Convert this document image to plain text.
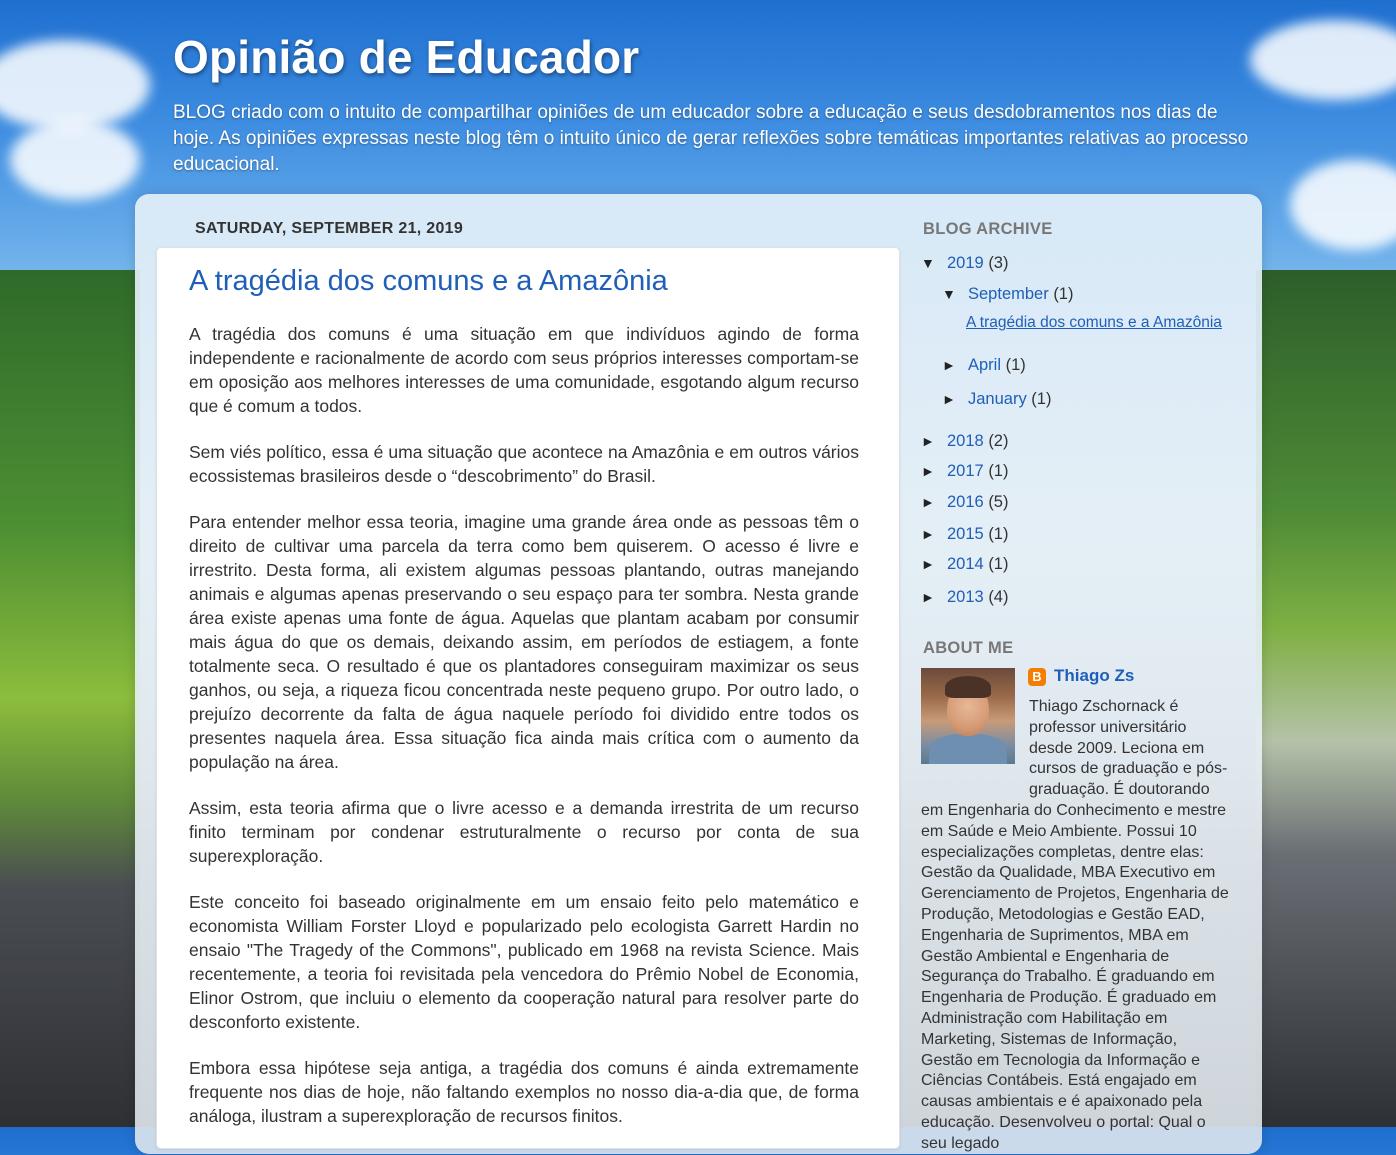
Opinião de Educador

BLOG criado com o intuito de compartilhar opiniões de um educador sobre a educação e seus desdobramentos nos dias de hoje. As opiniões expressas neste blog têm o intuito único de gerar reflexões sobre temáticas importantes relativas ao processo educacional.

SATURDAY, SEPTEMBER 21, 2019
A tragédia dos comuns e a Amazônia

A tragédia dos comuns é uma situação em que indivíduos agindo de forma independente e racionalmente de acordo com seus próprios interesses comportam-se em oposição aos melhores interesses de uma comunidade, esgotando algum recurso que é comum a todos.

Sem viés político, essa é uma situação que acontece na Amazônia e em outros vários ecossistemas brasileiros desde o “descobrimento” do Brasil.

Para entender melhor essa teoria, imagine uma grande área onde as pessoas têm o direito de cultivar uma parcela da terra como bem quiserem. O acesso é livre e irrestrito. Desta forma, ali existem algumas pessoas plantando, outras manejando animais e algumas apenas preservando o seu espaço para ter sombra. Nesta grande área existe apenas uma fonte de água. Aquelas que plantam acabam por consumir mais água do que os demais, deixando assim, em períodos de estiagem, a fonte totalmente seca. O resultado é que os plantadores conseguiram maximizar os seus ganhos, ou seja, a riqueza ficou concentrada neste pequeno grupo. Por outro lado, o prejuízo decorrente da falta de água naquele período foi dividido entre todos os presentes naquela área. Essa situação fica ainda mais crítica com o aumento da população na área.

Assim, esta teoria afirma que o livre acesso e a demanda irrestrita de um recurso finito terminam por condenar estruturalmente o recurso por conta de sua superexploração.

Este conceito foi baseado originalmente em um ensaio feito pelo matemático e economista William Forster Lloyd e popularizado pelo ecologista Garrett Hardin no ensaio "The Tragedy of the Commons", publicado em 1968 na revista Science. Mais recentemente, a teoria foi revisitada pela vencedora do Prêmio Nobel de Economia, Elinor Ostrom, que incluiu o elemento da cooperação natural para resolver parte do desconforto existente.

Embora essa hipótese seja antiga, a tragédia dos comuns é ainda extremamente frequente nos dias de hoje, não faltando exemplos no nosso dia-a-dia que, de forma análoga, ilustram a superexploração de recursos finitos.

BLOG ARCHIVE
▼ 2019 (3)
▼ September (1)
A tragédia dos comuns e a Amazônia
► April (1)
► January (1)
► 2018 (2)
► 2017 (1)
► 2016 (5)
► 2015 (1)
► 2014 (1)
► 2013 (4)
ABOUT ME
B Thiago Zs
Thiago Zschornack é professor universitário desde 2009. Leciona em cursos de graduação e pós-graduação. É doutorando em Engenharia do Conhecimento e mestre em Saúde e Meio Ambiente. Possui 10 especializações completas, dentre elas: Gestão da Qualidade, MBA Executivo em Gerenciamento de Projetos, Engenharia de Produção, Metodologias e Gestão EAD, Engenharia de Suprimentos, MBA em Gestão Ambiental e Engenharia de Segurança do Trabalho. É graduando em Engenharia de Produção. É graduado em Administração com Habilitação em Marketing, Sistemas de Informação, Gestão em Tecnologia da Informação e Ciências Contábeis. Está engajado em causas ambientais e é apaixonado pela educação. Desenvolveu o portal: Qual o seu legado
